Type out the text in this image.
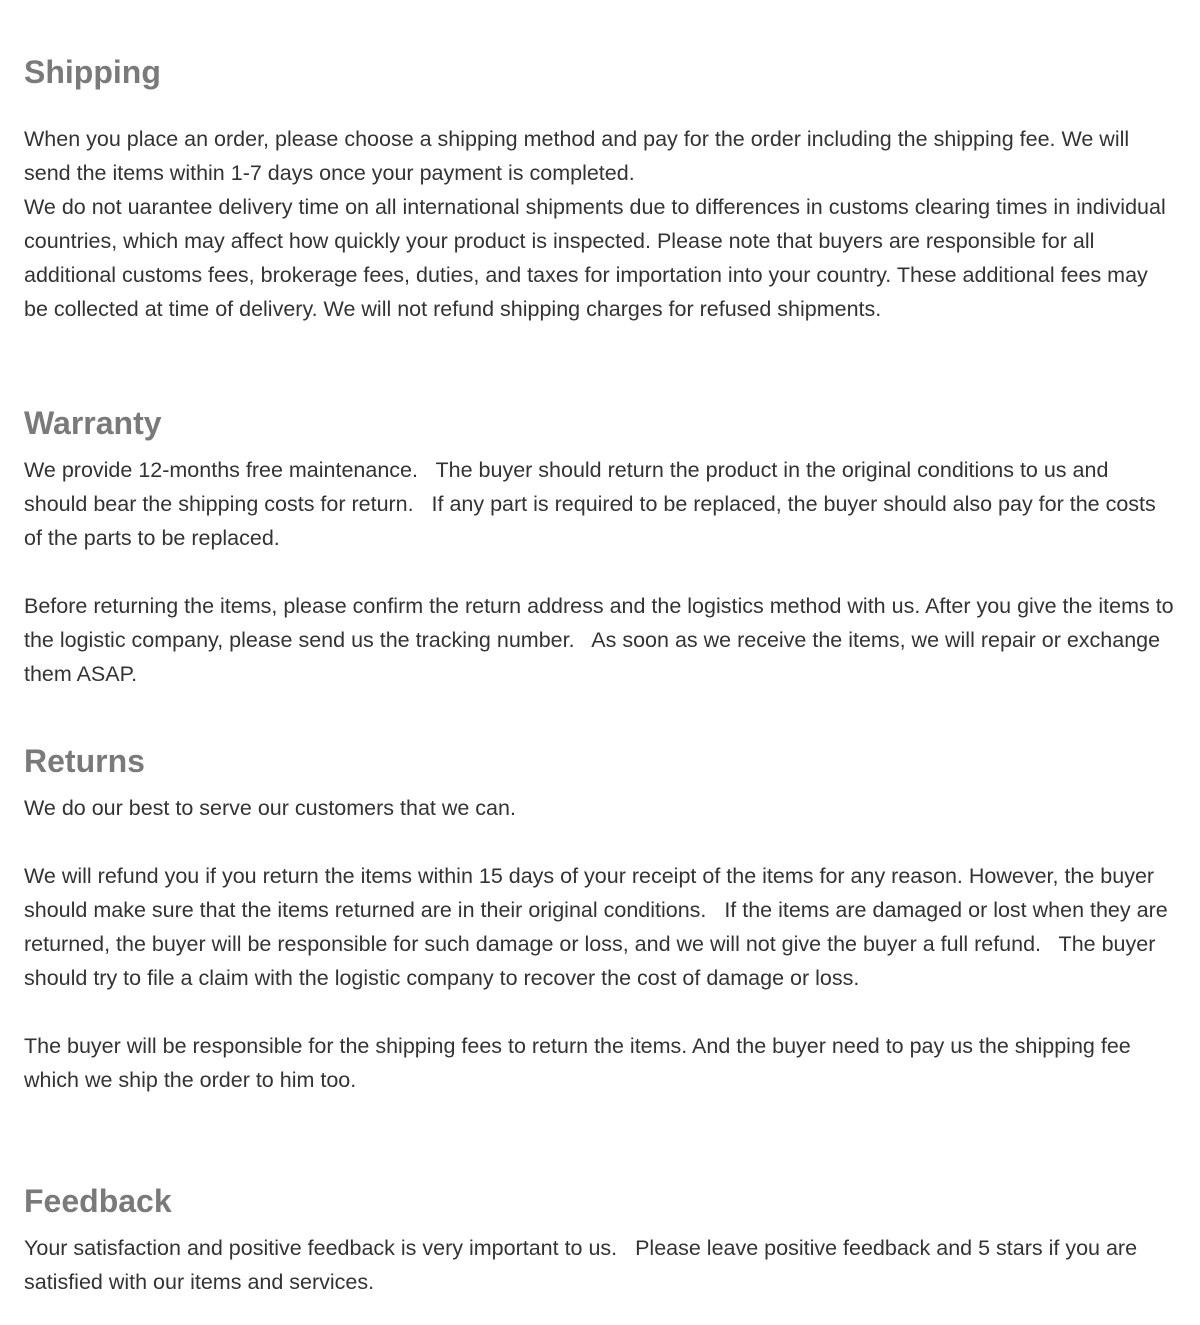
Shipping

When you place an order, please choose a shipping method and pay for the order including the shipping fee. We will send the items within 1-7 days once your payment is completed.

We do not uarantee delivery time on all international shipments due to differences in customs clearing times in individual countries, which may affect how quickly your product is inspected. Please note that buyers are responsible for all additional customs fees, brokerage fees, duties, and taxes for importation into your country. These additional fees may be collected at time of delivery. We will not refund shipping charges for refused shipments.

Warranty

We provide 12-months free maintenance.   The buyer should return the product in the original conditions to us and should bear the shipping costs for return.   If any part is required to be replaced, the buyer should also pay for the costs of the parts to be replaced.

Before returning the items, please confirm the return address and the logistics method with us. After you give the items to the logistic company, please send us the tracking number.   As soon as we receive the items, we will repair or exchange them ASAP.

Returns

We do our best to serve our customers that we can.

We will refund you if you return the items within 15 days of your receipt of the items for any reason. However, the buyer should make sure that the items returned are in their original conditions.   If the items are damaged or lost when they are returned, the buyer will be responsible for such damage or loss, and we will not give the buyer a full refund.   The buyer should try to file a claim with the logistic company to recover the cost of damage or loss.

The buyer will be responsible for the shipping fees to return the items. And the buyer need to pay us the shipping fee which we ship the order to him too.

Feedback

Your satisfaction and positive feedback is very important to us.   Please leave positive feedback and 5 stars if you are satisfied with our items and services.
